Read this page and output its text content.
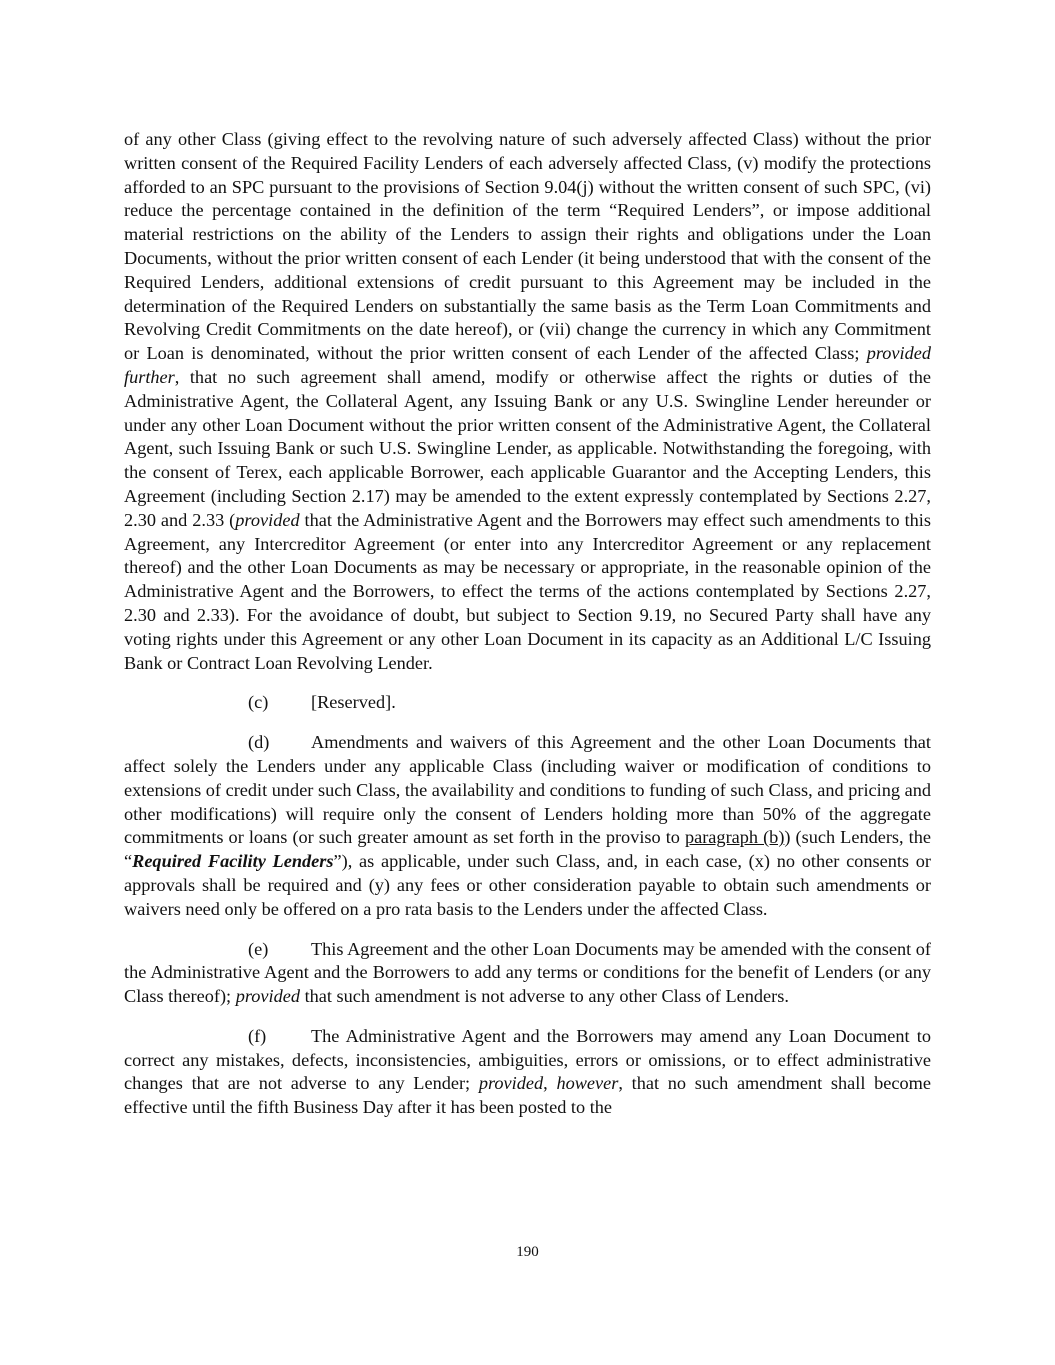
of any other Class (giving effect to the revolving nature of such adversely affected Class) without the prior written consent of the Required Facility Lenders of each adversely affected Class, (v) modify the protections afforded to an SPC pursuant to the provisions of Section 9.04(j) without the written consent of such SPC, (vi) reduce the percentage contained in the definition of the term “Required Lenders”, or impose additional material restrictions on the ability of the Lenders to assign their rights and obligations under the Loan Documents, without the prior written consent of each Lender (it being understood that with the consent of the Required Lenders, additional extensions of credit pursuant to this Agreement may be included in the determination of the Required Lenders on substantially the same basis as the Term Loan Commitments and Revolving Credit Commitments on the date hereof), or (vii) change the currency in which any Commitment or Loan is denominated, without the prior written consent of each Lender of the affected Class; provided further, that no such agreement shall amend, modify or otherwise affect the rights or duties of the Administrative Agent, the Collateral Agent, any Issuing Bank or any U.S. Swingline Lender hereunder or under any other Loan Document without the prior written consent of the Administrative Agent, the Collateral Agent, such Issuing Bank or such U.S. Swingline Lender, as applicable. Notwithstanding the foregoing, with the consent of Terex, each applicable Borrower, each applicable Guarantor and the Accepting Lenders, this Agreement (including Section 2.17) may be amended to the extent expressly contemplated by Sections 2.27, 2.30 and 2.33 (provided that the Administrative Agent and the Borrowers may effect such amendments to this Agreement, any Intercreditor Agreement (or enter into any Intercreditor Agreement or any replacement thereof) and the other Loan Documents as may be necessary or appropriate, in the reasonable opinion of the Administrative Agent and the Borrowers, to effect the terms of the actions contemplated by Sections 2.27, 2.30 and 2.33). For the avoidance of doubt, but subject to Section 9.19, no Secured Party shall have any voting rights under this Agreement or any other Loan Document in its capacity as an Additional L/C Issuing Bank or Contract Loan Revolving Lender.

(c) [Reserved].

(d) Amendments and waivers of this Agreement and the other Loan Documents that affect solely the Lenders under any applicable Class (including waiver or modification of conditions to extensions of credit under such Class, the availability and conditions to funding of such Class, and pricing and other modifications) will require only the consent of Lenders holding more than 50% of the aggregate commitments or loans (or such greater amount as set forth in the proviso to paragraph (b)) (such Lenders, the “Required Facility Lenders”), as applicable, under such Class, and, in each case, (x) no other consents or approvals shall be required and (y) any fees or other consideration payable to obtain such amendments or waivers need only be offered on a pro rata basis to the Lenders under the affected Class.

(e) This Agreement and the other Loan Documents may be amended with the consent of the Administrative Agent and the Borrowers to add any terms or conditions for the benefit of Lenders (or any Class thereof); provided that such amendment is not adverse to any other Class of Lenders.

(f) The Administrative Agent and the Borrowers may amend any Loan Document to correct any mistakes, defects, inconsistencies, ambiguities, errors or omissions, or to effect administrative changes that are not adverse to any Lender; provided, however, that no such amendment shall become effective until the fifth Business Day after it has been posted to the

190
